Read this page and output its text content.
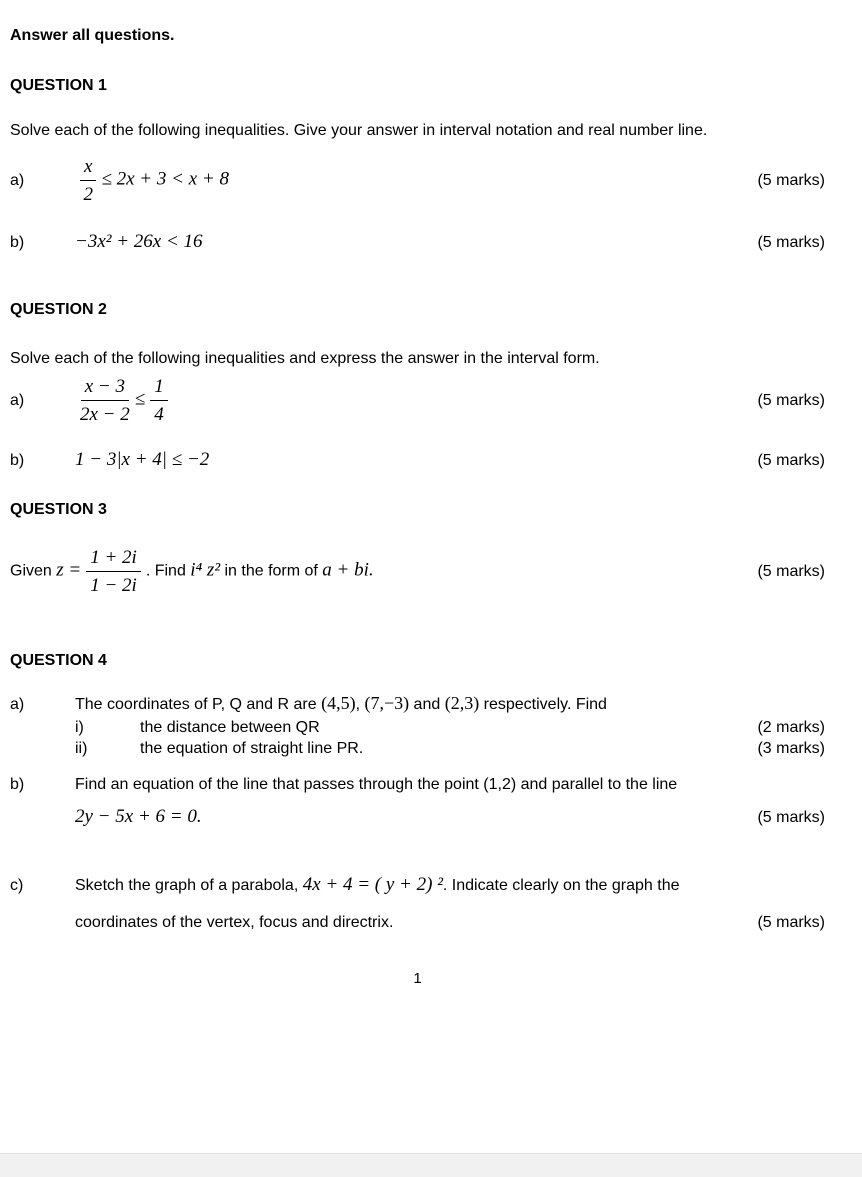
Answer all questions.

QUESTION 1

Solve each of the following inequalities. Give your answer in interval notation and real number line.

a)	$\frac{x}{2} \le 2x + 3 < x + 8$	(5 marks)
b)	−3x² + 26x < 16	(5 marks)
QUESTION 2

Solve each of the following inequalities and express the answer in the interval form.

a)	$\frac{x - 3}{2x - 2} \le \frac{1}{4}$	(5 marks)
b)	1 − 3|x + 4| ≤ −2	(5 marks)
QUESTION 3
Given $z = \frac{1 + 2i}{1 - 2i}$ . Find i⁴ z² in the form of a + bi.	(5 marks)
QUESTION 4
a)	The coordinates of P, Q and R are (4,5), (7,−3) and (2,3) respectively. Find
i)	the distance between QR	(2 marks)
ii)	the equation of straight line PR.	(3 marks)
b)	Find an equation of the line that passes through the point (1,2) and parallel to the line
2y − 5x + 6 = 0.	(5 marks)
c)	Sketch the graph of a parabola, 4x + 4 = ( y + 2) ². Indicate clearly on the graph the
coordinates of the vertex, focus and directrix.	(5 marks)
1
